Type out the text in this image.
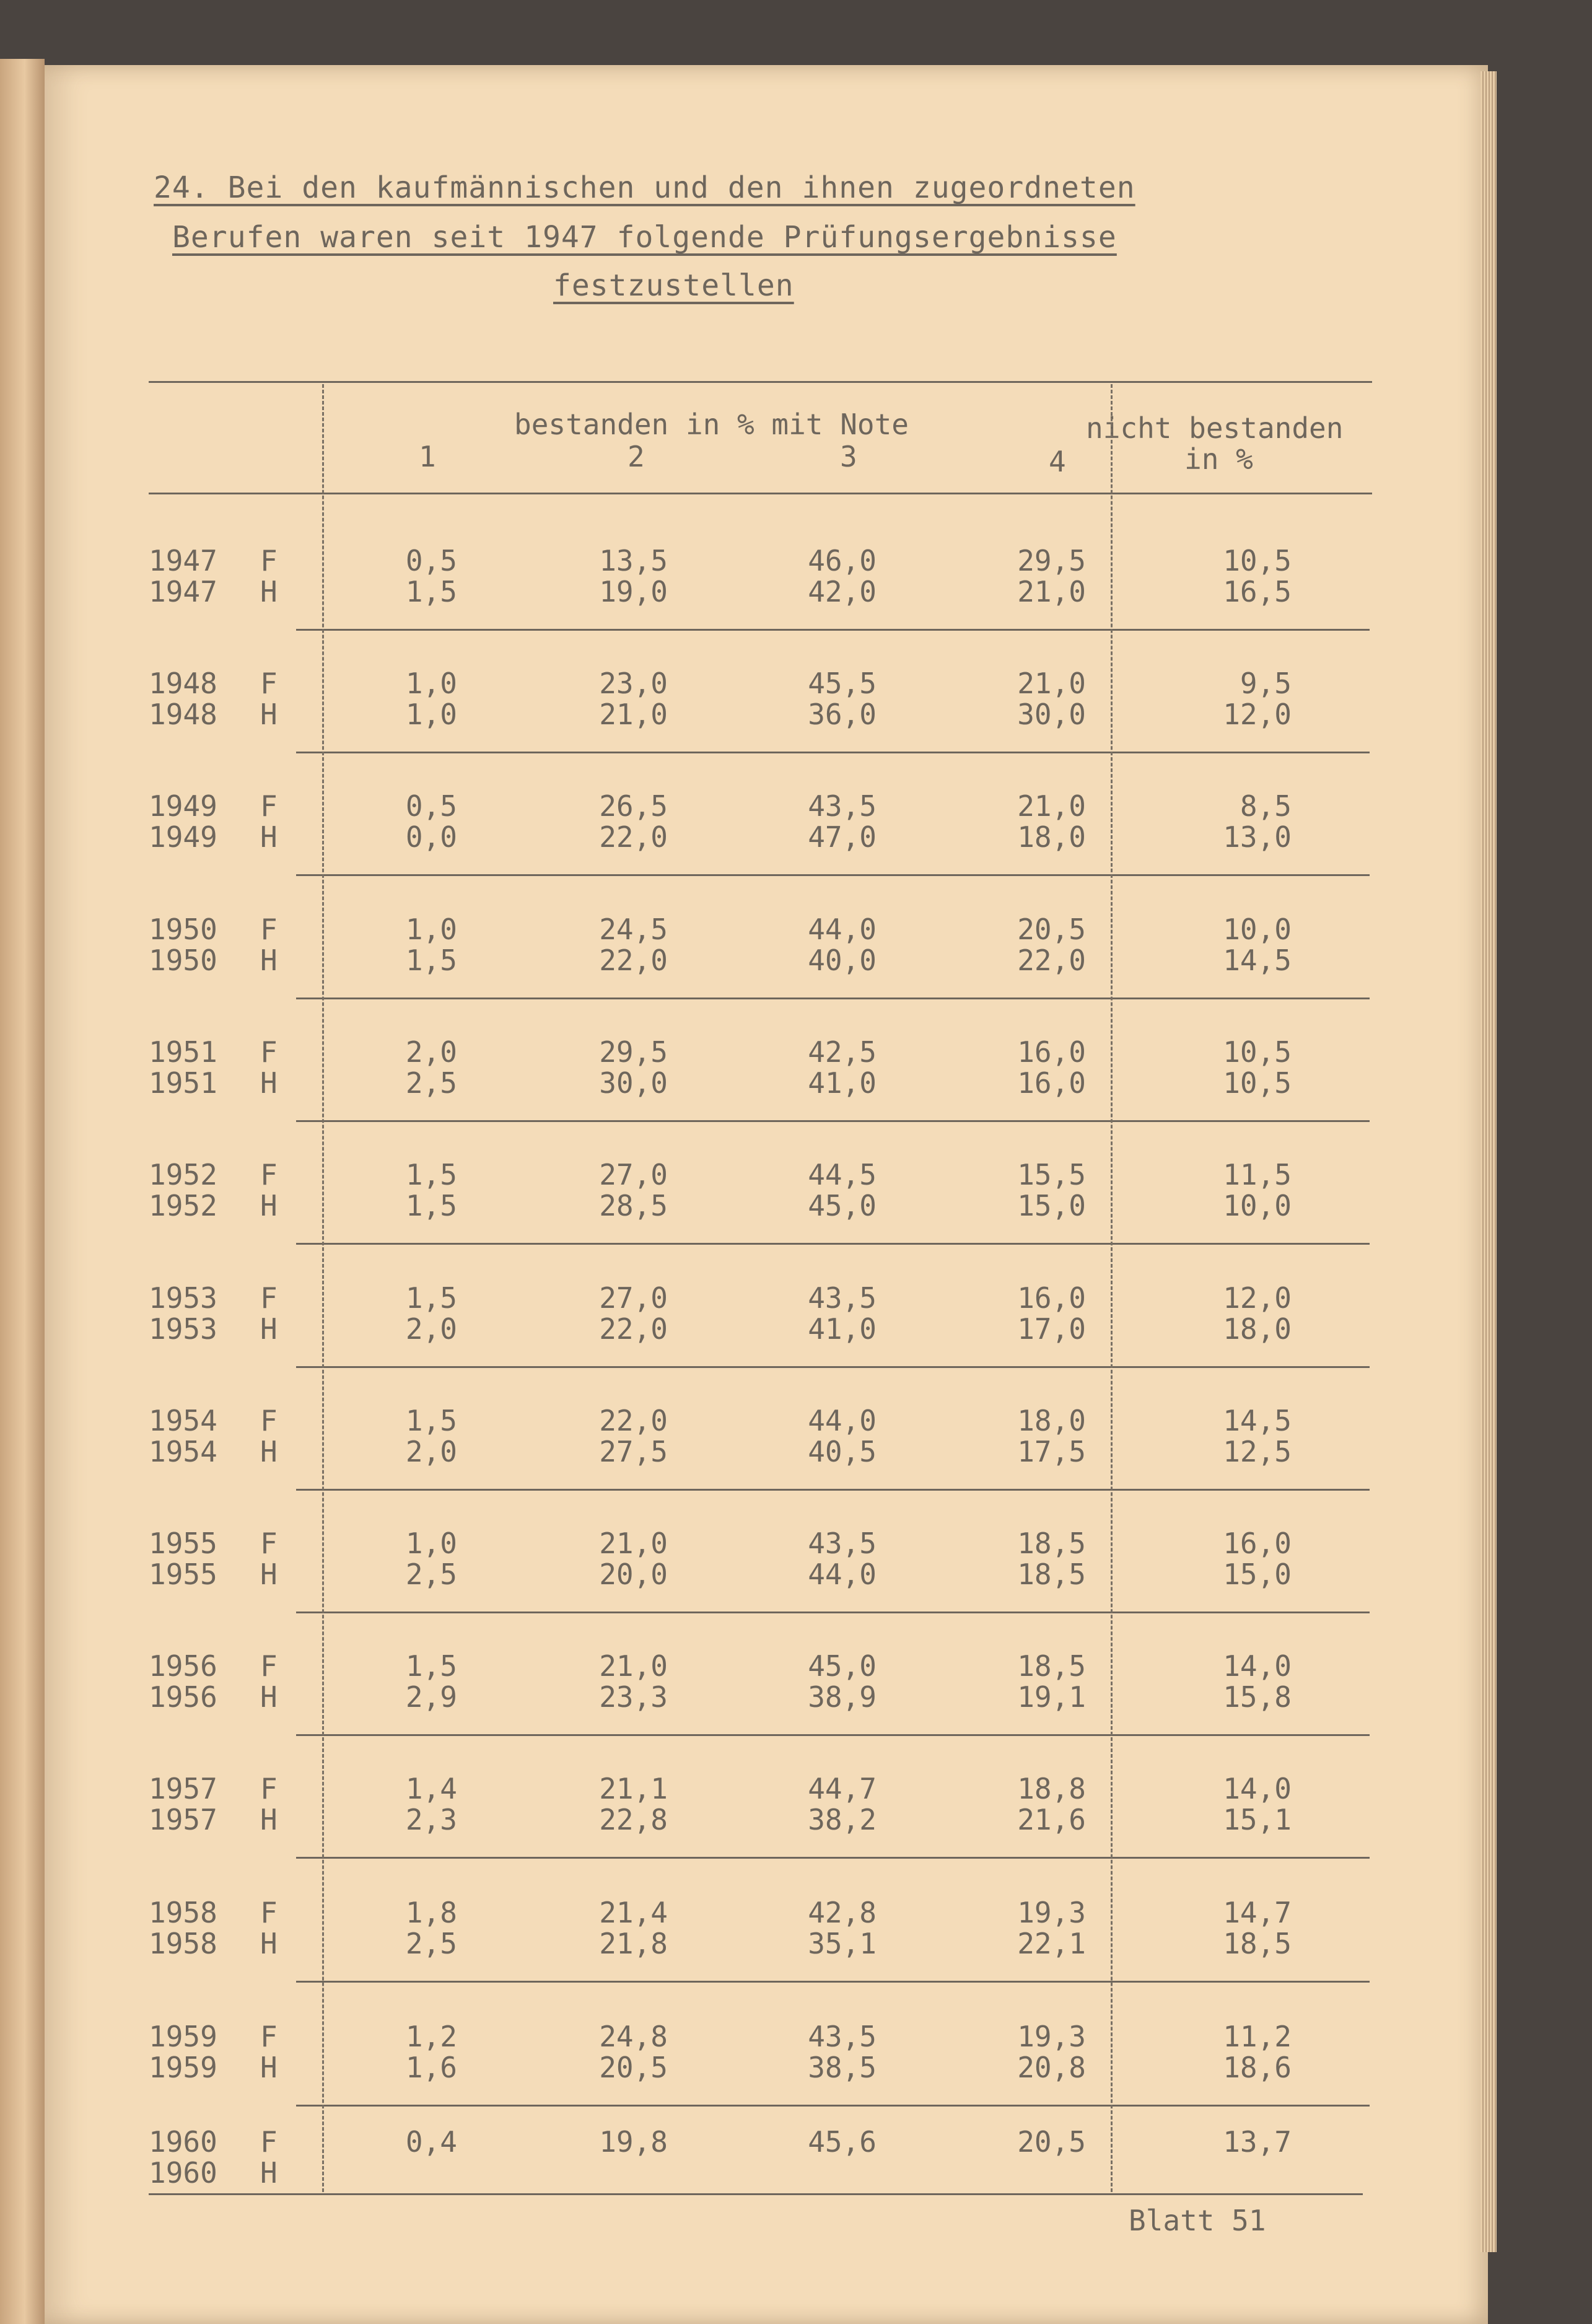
24. Bei den kaufmännischen und den ihnen zugeordneten
Berufen waren seit 1947 folgende Prüfungsergebnisse
festzustellen
bestanden in % mit Note
1	2	3	4
nicht bestanden
in %
1947 F	0,5	13,5	46,0	29,5	10,5
1947 H	1,5	19,0	42,0	21,0	16,5
1948 F	1,0	23,0	45,5	21,0	9,5
1948 H	1,0	21,0	36,0	30,0	12,0
1949 F	0,5	26,5	43,5	21,0	8,5
1949 H	0,0	22,0	47,0	18,0	13,0
1950 F	1,0	24,5	44,0	20,5	10,0
1950 H	1,5	22,0	40,0	22,0	14,5
1951 F	2,0	29,5	42,5	16,0	10,5
1951 H	2,5	30,0	41,0	16,0	10,5
1952 F	1,5	27,0	44,5	15,5	11,5
1952 H	1,5	28,5	45,0	15,0	10,0
1953 F	1,5	27,0	43,5	16,0	12,0
1953 H	2,0	22,0	41,0	17,0	18,0
1954 F	1,5	22,0	44,0	18,0	14,5
1954 H	2,0	27,5	40,5	17,5	12,5
1955 F	1,0	21,0	43,5	18,5	16,0
1955 H	2,5	20,0	44,0	18,5	15,0
1956 F	1,5	21,0	45,0	18,5	14,0
1956 H	2,9	23,3	38,9	19,1	15,8
1957 F	1,4	21,1	44,7	18,8	14,0
1957 H	2,3	22,8	38,2	21,6	15,1
1958 F	1,8	21,4	42,8	19,3	14,7
1958 H	2,5	21,8	35,1	22,1	18,5
1959 F	1,2	24,8	43,5	19,3	11,2
1959 H	1,6	20,5	38,5	20,8	18,6
1960 F	0,4	19,8	45,6	20,5	13,7
1960 H
Blatt 51
